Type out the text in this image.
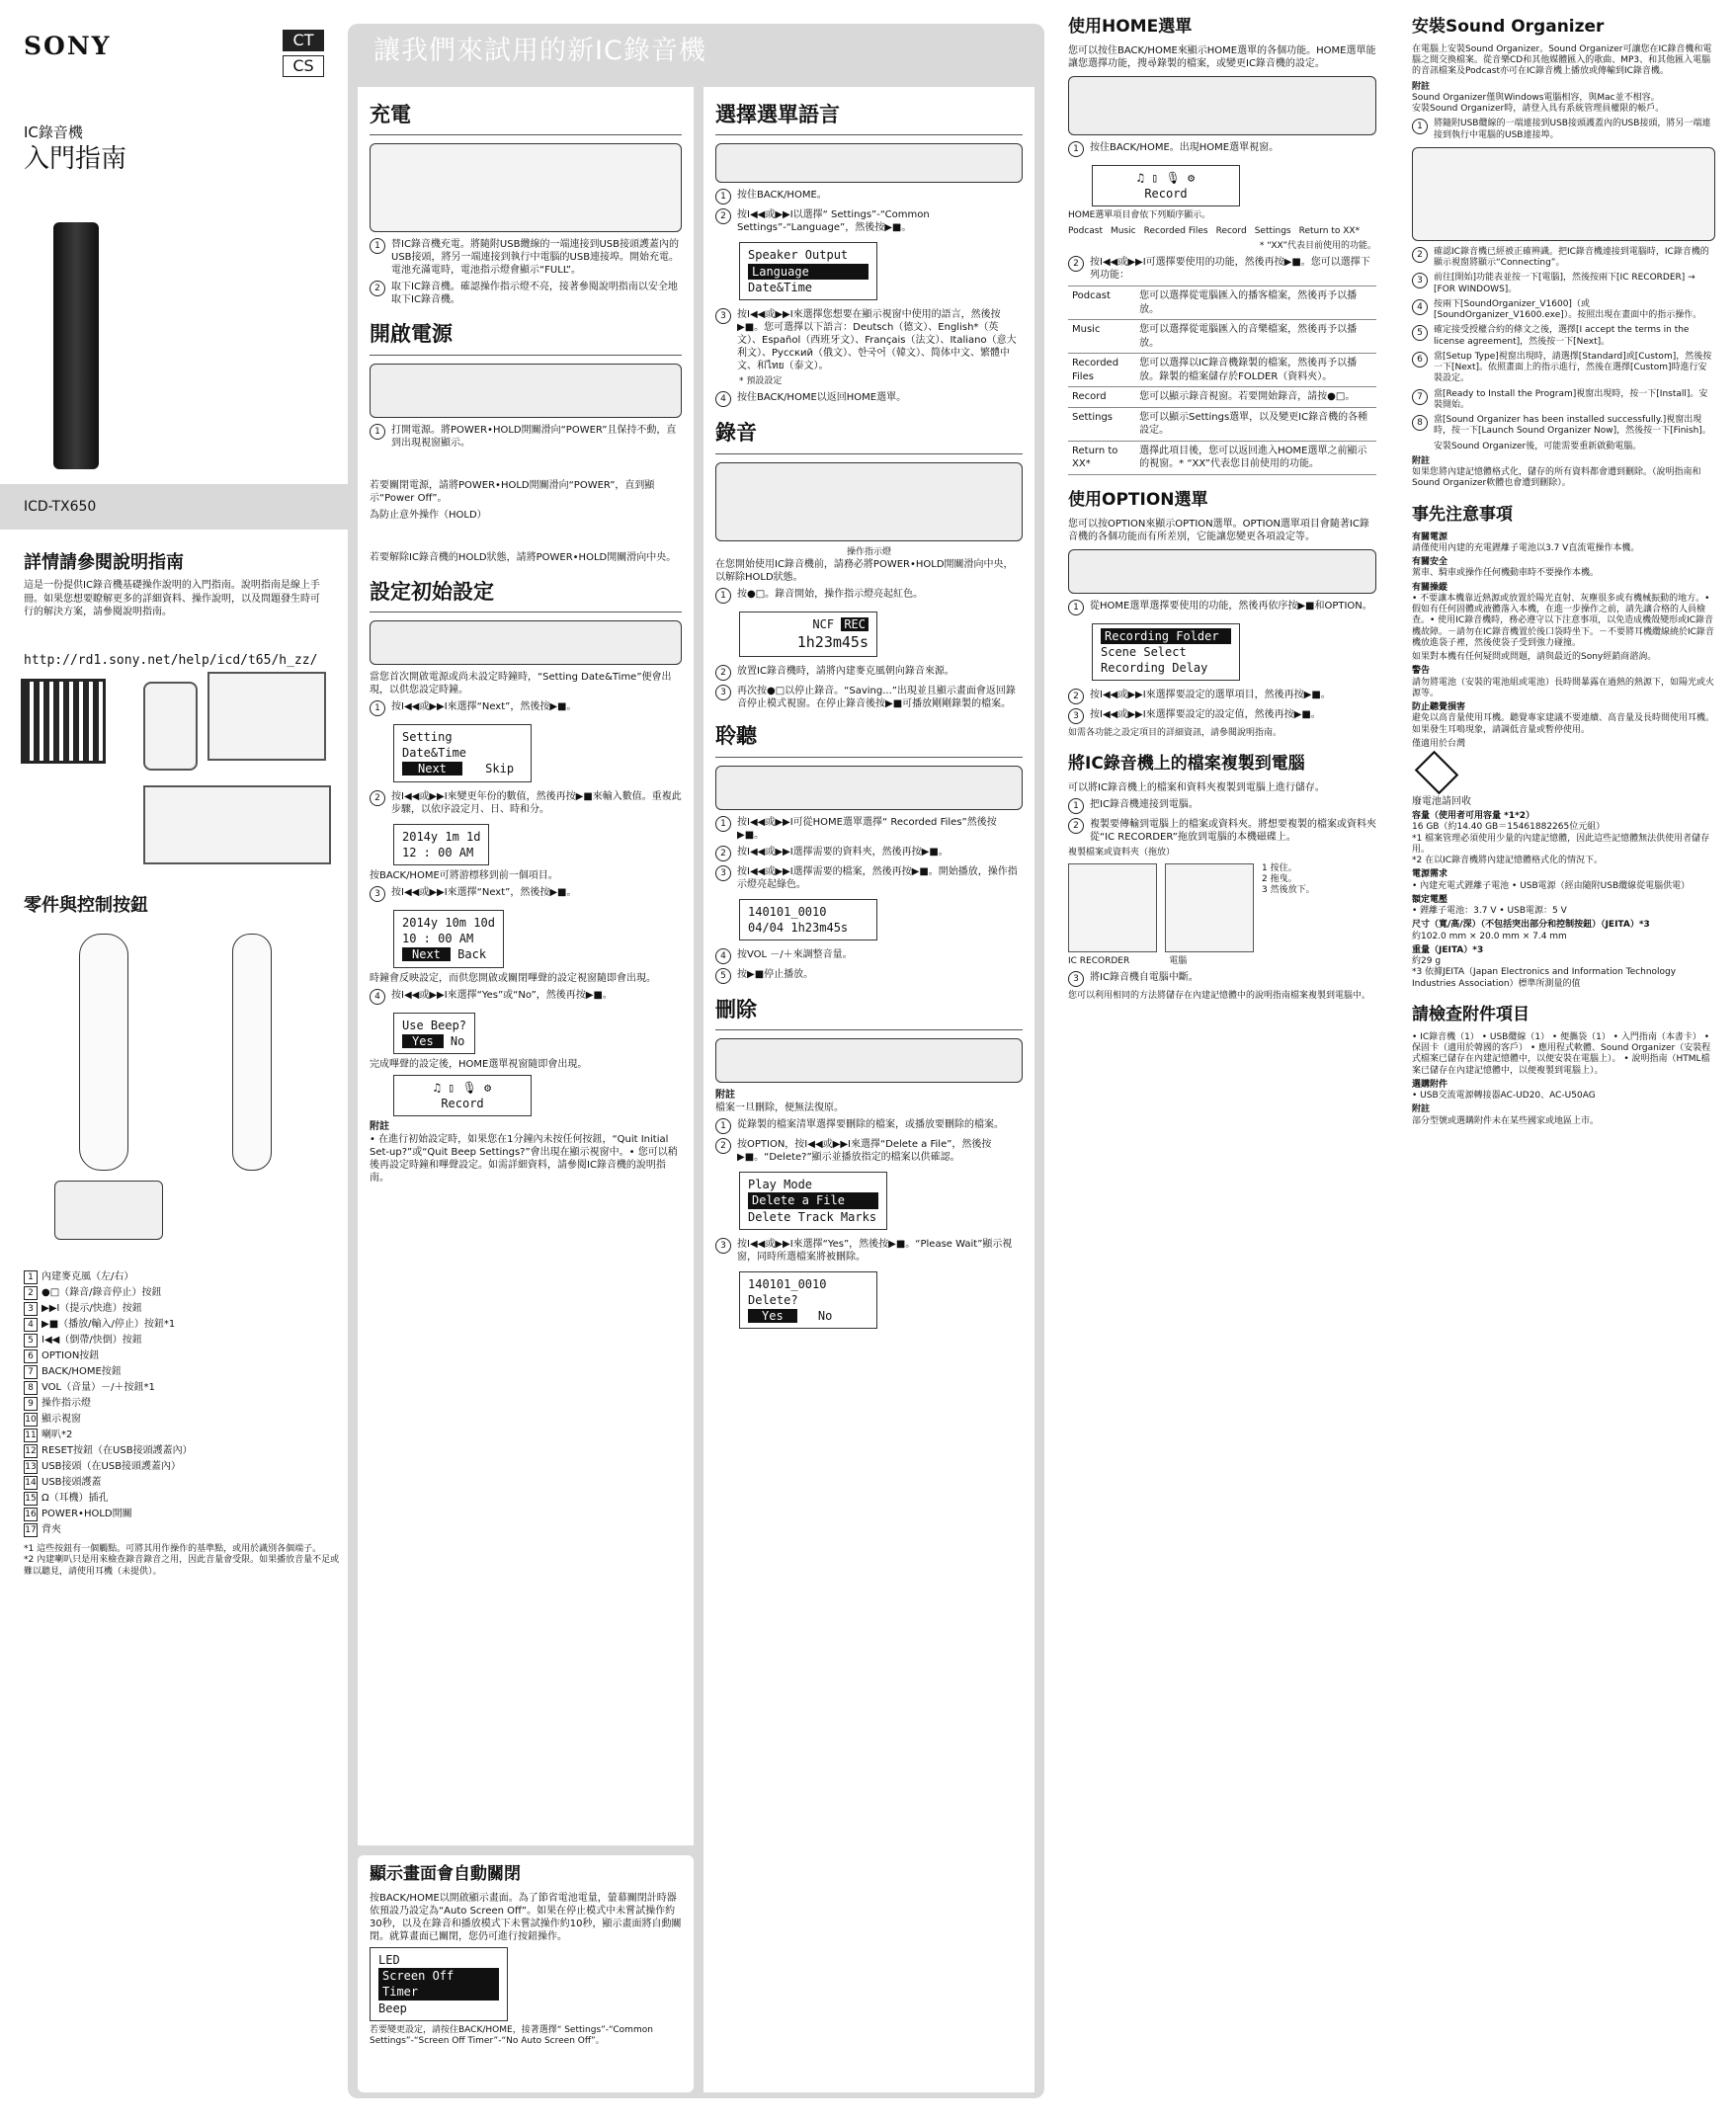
SONY	CT
CS
IC錄音機
入門指南
ICD-TX650
詳情請參閱說明指南
這是一份提供IC錄音機基礎操作說明的入門指南。說明指南是線上手冊。如果您想要瞭解更多的詳細資料、操作說明，以及問題發生時可行的解決方案，請參閱說明指南。
http://rd1.sony.net/help/icd/t65/h_zz/
零件與控制按鈕
1 內建麥克風（左/右）
2 ●□（錄音/錄音停止）按鈕
3 ▶▶I（提示/快進）按鈕
4 ▶■（播放/輸入/停止）按鈕*1
5 I◀◀（倒帶/快倒）按鈕
6 OPTION按鈕
7 BACK/HOME按鈕
8 VOL（音量）－/＋按鈕*1
9 操作指示燈
10 顯示視窗
11 喇叭*2
12 RESET按鈕（在USB接頭護蓋內）
13 USB接頭（在USB接頭護蓋內）
14 USB接頭護蓋
15 Ω（耳機）插孔
16 POWER•HOLD開關
17 背夾
*1 這些按鈕有一個觸點。可將其用作操作的基準點，或用於識別各個端子。
*2 內建喇叭只是用來檢查錄音錄音之用，因此音量會受限。如果播放音量不足或難以聽見，請使用耳機（未提供）。
讓我們來試用的新IC錄音機
充電
1	替IC錄音機充電。將隨附USB纜線的一端連接到USB接頭護蓋內的USB接頭，將另一端連接到執行中電腦的USB連接埠。開始充電。電池充滿電時，電池指示燈會顯示“FULL”。
2	取下IC錄音機。確認操作指示燈不亮，接著參閱說明指南以安全地取下IC錄音機。
開啟電源
1	打開電源。將POWER•HOLD開關滑向“POWER”且保持不動，直到出現視窗顯示。
若要關閉電源，請將POWER•HOLD開關滑向“POWER”，直到顯示“Power Off”。
為防止意外操作（HOLD）
若要解除IC錄音機的HOLD狀態，請將POWER•HOLD開關滑向中央。
設定初始設定
當您首次開啟電源或尚未設定時鐘時，“Setting Date&Time”便會出現，以供您設定時鐘。
1	按I◀◀或▶▶I來選擇“Next”，然後按▶■。
Setting Date&Time
Next	Skip
2	按I◀◀或▶▶I來變更年份的數值，然後再按▶■來輸入數值。重複此步驟，以依序設定月、日、時和分。
2014y 1m 1d
12 : 00 AM
按BACK/HOME可將游標移到前一個項目。
3	按I◀◀或▶▶I來選擇“Next”，然後按▶■。
2014y 10m 10d
10 : 00 AM
Next Back
時鐘會反映設定，而供您開啟或關閉嗶聲的設定視窗隨即會出現。
4	按I◀◀或▶▶I來選擇“Yes”或“No”，然後再按▶■。
Use Beep?
Yes No
完成嗶聲的設定後，HOME選單視窗隨即會出現。
♫ ▯ 🎙 ⚙
Record
附註
• 在進行初始設定時，如果您在1分鐘內未按任何按鈕，“Quit Initial Set-up?”或“Quit Beep Settings?”會出現在顯示視窗中。• 您可以稍後再設定時鐘和嗶聲設定。如需詳細資料，請參閱IC錄音機的說明指南。
選擇選單語言
1	按住BACK/HOME。
2	按I◀◀或▶▶I以選擇“ Settings”-“Common Settings”-“Language”，然後按▶■。
Speaker Output
Language
Date&Time
3	按I◀◀或▶▶I來選擇您想要在顯示視窗中使用的語言，然後按▶■。您可選擇以下語言：Deutsch（德文）、English*（英文）、Español（西班牙文）、Français（法文）、Italiano（意大利文）、Русский（俄文）、한국어（韓文）、简体中文、繁體中文、和ไทย（泰文）。
* 預設設定
4	按住BACK/HOME以返回HOME選單。
錄音
操作指示燈
在您開始使用IC錄音機前，請務必將POWER•HOLD開關滑向中央，以解除HOLD狀態。
1	按●□。錄音開始，操作指示燈亮起紅色。
NCF REC
1h23m45s
2	放置IC錄音機時，請將內建麥克風朝向錄音來源。
3	再次按●□以停止錄音。“Saving...”出現並且顯示畫面會返回錄音停止模式視窗。在停止錄音後按▶■可播放剛剛錄製的檔案。
聆聽
1	按I◀◀或▶▶I可從HOME選單選擇“ Recorded Files”然後按▶■。
2	按I◀◀或▶▶I選擇需要的資料夾，然後再按▶■。
3	按I◀◀或▶▶I選擇需要的檔案，然後再按▶■。開始播放，操作指示燈亮起綠色。
140101_0010
04/04 1h23m45s
4	按VOL －/＋來調整音量。
5	按▶■停止播放。
刪除
附註
檔案一旦刪除，便無法復原。
1	從錄製的檔案清單選擇要刪除的檔案，或播放要刪除的檔案。
2	按OPTION，按I◀◀或▶▶I來選擇“Delete a File”，然後按▶■。“Delete?”顯示並播放指定的檔案以供確認。
Play Mode
Delete a File
Delete Track Marks
3	按I◀◀或▶▶I來選擇“Yes”，然後按▶■。“Please Wait”顯示視窗，同時所選檔案將被刪除。
140101_0010
Delete?
Yes	No
顯示畫面會自動關閉
按BACK/HOME以開啟顯示畫面。為了節省電池電量，螢幕關閉計時器依預設乃設定為“Auto Screen Off”。如果在停止模式中未嘗試操作約30秒，以及在錄音和播放模式下未嘗試操作約10秒，顯示畫面將自動關閉。就算畫面已關閉，您仍可進行按鈕操作。
LED
Screen Off Timer
Beep
若要變更設定，請按住BACK/HOME，接著選擇“ Settings”-“Common Settings”-“Screen Off Timer”-“No Auto Screen Off”。
使用HOME選單
您可以按住BACK/HOME來顯示HOME選單的各個功能。HOME選單能讓您選擇功能，搜尋錄製的檔案，或變更IC錄音機的設定。
1	按住BACK/HOME。出現HOME選單視窗。
♫ ▯ 🎙 ⚙
Record
HOME選單項目會依下列順序顯示。
Podcast Music Recorded Files Record Settings Return to XX*
* “XX”代表目前使用的功能。
2	按I◀◀或▶▶I可選擇要使用的功能，然後再按▶■。您可以選擇下列功能：
Podcast	您可以選擇從電腦匯入的播客檔案，然後再予以播放。
Music	您可以選擇從電腦匯入的音樂檔案，然後再予以播放。
Recorded Files	您可以選擇以IC錄音機錄製的檔案，然後再予以播放。錄製的檔案儲存於FOLDER（資料夾）。
Record	您可以顯示錄音視窗。若要開始錄音，請按●□。
Settings	您可以顯示Settings選單，以及變更IC錄音機的各種設定。
Return to XX*	選擇此項目後，您可以返回進入HOME選單之前顯示的視窗。* “XX”代表您目前使用的功能。
使用OPTION選單
您可以按OPTION來顯示OPTION選單。OPTION選單項目會隨著IC錄音機的各個功能而有所差別，它能讓您變更各項設定等。
1	從HOME選單選擇要使用的功能，然後再依序按▶■和OPTION。
Recording Folder
Scene Select
Recording Delay
2	按I◀◀或▶▶I來選擇要設定的選單項目，然後再按▶■。
3	按I◀◀或▶▶I來選擇要設定的設定值，然後再按▶■。
如需各功能之設定項目的詳細資訊，請參閱說明指南。
將IC錄音機上的檔案複製到電腦
可以將IC錄音機上的檔案和資料夾複製到電腦上進行儲存。
1	把IC錄音機連接到電腦。
2	複製要傳輸到電腦上的檔案或資料夾。將想要複製的檔案或資料夾從“IC RECORDER”拖放到電腦的本機磁碟上。
複製檔案或資料夾（拖放）
1 按住。
2 拖曳。
3 然後放下。
IC RECORDER	電腦
3	將IC錄音機自電腦中斷。
您可以利用相同的方法將儲存在內建記憶體中的說明指南檔案複製到電腦中。
安裝Sound Organizer
在電腦上安裝Sound Organizer。Sound Organizer可讓您在IC錄音機和電腦之間交換檔案。從音樂CD和其他媒體匯入的歌曲、MP3、和其他匯入電腦的音訊檔案及Podcast亦可在IC錄音機上播放或傳輸到IC錄音機。
附註
Sound Organizer僅與Windows電腦相容，與Mac並不相容。
安裝Sound Organizer時，請登入具有系統管理員權限的帳戶。
1	將隨附USB纜線的一端連接到USB接頭護蓋內的USB接頭，將另一端連接到執行中電腦的USB連接埠。
2	確認IC錄音機已經被正確辨識。把IC錄音機連接到電腦時，IC錄音機的顯示視窗將顯示“Connecting”。
3	前往[開始]功能表並按一下[電腦]，然後按兩下[IC RECORDER] → [FOR WINDOWS]。
4	按兩下[SoundOrganizer_V1600]（或[SoundOrganizer_V1600.exe]）。按照出現在畫面中的指示操作。
5	確定接受授權合約的條文之後，選擇[I accept the terms in the license agreement]，然後按一下[Next]。
6	當[Setup Type]視窗出現時，請選擇[Standard]或[Custom]，然後按一下[Next]。依照畫面上的指示進行，然後在選擇[Custom]時進行安裝設定。
7	當[Ready to Install the Program]視窗出現時，按一下[Install]。安裝開始。
8	當[Sound Organizer has been installed successfully.]視窗出現時，按一下[Launch Sound Organizer Now]，然後按一下[Finish]。
安裝Sound Organizer後，可能需要重新啟動電腦。
附註
如果您將內建記憶體格式化，儲存的所有資料都會遭到刪除。（說明指南和Sound Organizer軟體也會遭到刪除）。
事先注意事項
有關電源
請僅使用內建的充電鋰離子電池以3.7 V直流電操作本機。
有關安全
駕車、騎車或操作任何機動車時不要操作本機。
有關操縱
• 不要讓本機靠近熱源或放置於陽光直射、灰塵很多或有機械振動的地方。• 假如有任何固體或液體落入本機，在進一步操作之前，請先讓合格的人員檢查。• 使用IC錄音機時，務必遵守以下注意事項，以免造成機殼變形或IC錄音機故障。－請勿在IC錄音機置於後口袋時坐下。－不要將耳機纜線繞於IC錄音機放進袋子裡，然後使袋子受到強力碰撞。
如果對本機有任何疑問或問題，請與最近的Sony經銷商諮詢。
警告
請勿將電池（安裝的電池組或電池）長時間暴露在過熱的熱源下，如陽光或火源等。
防止聽覺損害
避免以高音量使用耳機。聽覺專家建議不要連續、高音量及長時間使用耳機。如果發生耳鳴現象，請調低音量或暫停使用。
僅適用於台灣
廢電池請回收
容量（使用者可用容量 *1*2）
16 GB（約14.40 GB＝15461882265位元組）
*1 檔案管理必須使用少量的內建記憶體，因此這些記憶體無法供使用者儲存用。
*2 在以IC錄音機將內建記憶體格式化的情況下。
電源需求
• 內建充電式鋰離子電池 • USB電源（經由隨附USB纜線從電腦供電）
額定電壓
• 鋰離子電池：3.7 V • USB電源：5 V
尺寸（寬/高/深）（不包括突出部分和控制按鈕）（JEITA）*3
約102.0 mm × 20.0 mm × 7.4 mm
重量（JEITA）*3
約29 g
*3 依據JEITA（Japan Electronics and Information Technology Industries Association）標準所測量的值
請檢查附件項目
• IC錄音機（1） • USB纜線（1） • 便攜袋（1） • 入門指南（本書卡） • 保固卡（適用於韓國的客戶） • 應用程式軟體、Sound Organizer（安裝程式檔案已儲存在內建記憶體中，以便安裝在電腦上）。 • 說明指南（HTML檔案已儲存在內建記憶體中，以便複製到電腦上）。
選購附件
• USB交流電源轉接器AC-UD20、AC-U50AG
附註
部分型號或選購附件未在某些國家或地區上市。
